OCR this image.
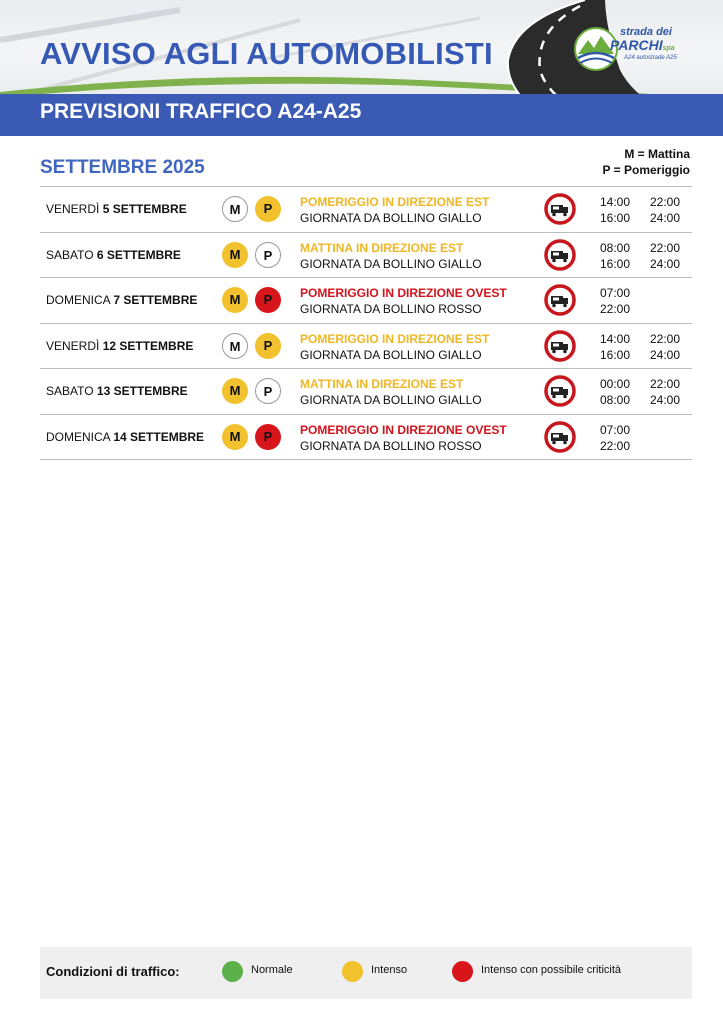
AVVISO AGLI AUTOMOBILISTI
PREVISIONI TRAFFICO A24-A25
strada dei
PARCHIspa
A24 autostrade A25
SETTEMBRE 2025
M = Mattina
P = Pomeriggio
VENERDÌ 5 SETTEMBRE	M	P	POMERIGGIO IN DIREZIONE EST
GIORNATA DA BOLLINO GIALLO
14:00 22:00
16:00 24:00
SABATO 6 SETTEMBRE	M	P	MATTINA IN DIREZIONE EST
GIORNATA DA BOLLINO GIALLO
08:00 22:00
16:00 24:00
DOMENICA 7 SETTEMBRE	M	P	POMERIGGIO IN DIREZIONE OVEST
GIORNATA DA BOLLINO ROSSO
07:00
22:00
VENERDÌ 12 SETTEMBRE	M	P	POMERIGGIO IN DIREZIONE EST
GIORNATA DA BOLLINO GIALLO
14:00 22:00
16:00 24:00
SABATO 13 SETTEMBRE	M	P	MATTINA IN DIREZIONE EST
GIORNATA DA BOLLINO GIALLO
00:00 22:00
08:00 24:00
DOMENICA 14 SETTEMBRE	M	P	POMERIGGIO IN DIREZIONE OVEST
GIORNATA DA BOLLINO ROSSO
07:00
22:00
Condizioni di traffico:	Normale	Intenso	Intenso con possibile criticità
